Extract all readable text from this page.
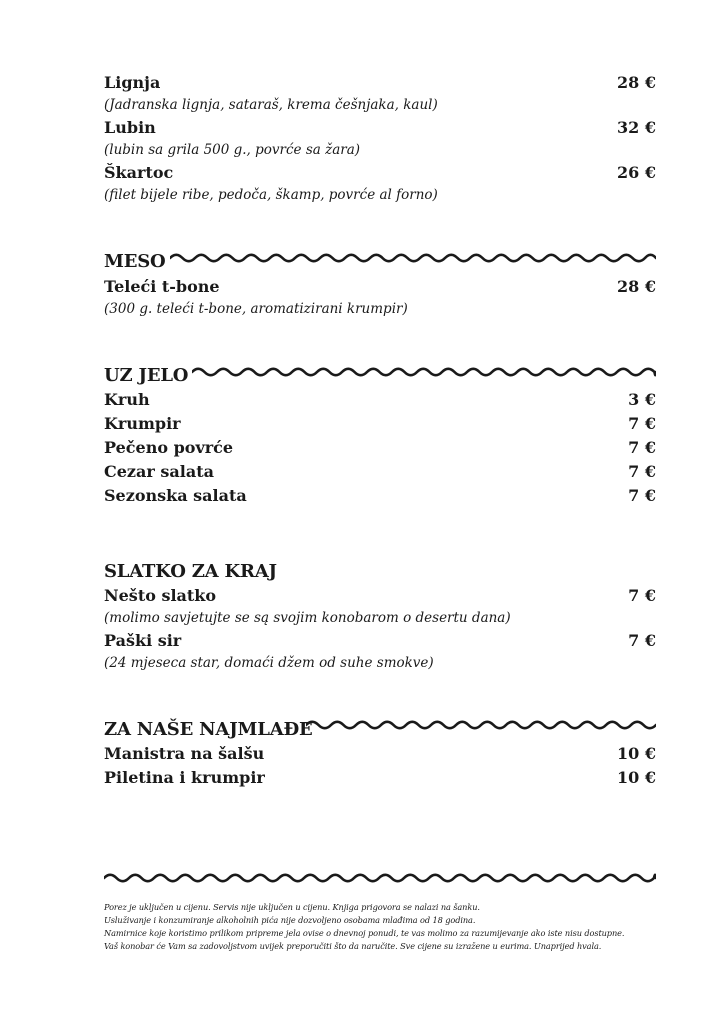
Lignja	28 €
(Jadranska lignja, sataraš, krema češnjaka, kaul)
Lubin	32 €
(lubin sa grila 500 g., povrće sa žara)
Škartoc	26 €
(filet bijele ribe, pedoča, škamp, povrće al forno)
MESO
Teleći t-bone	28 €
(300 g. teleći t-bone, aromatizirani krumpir)
UZ JELO
Kruh	3 €
Krumpir	7 €
Pečeno povrće	7 €
Cezar salata	7 €
Sezonska salata	7 €
SLATKO ZA KRAJ
Nešto slatko	7 €
(molimo savjetujte se są svojim konobarom o desertu dana)
Paški sir	7 €
(24 mjeseca star, domaći džem od suhe smokve)
ZA NAŠE NAJMLAĐE
Manistra na šalšu	10 €
Piletina i krumpir	10 €
Porez je uključen u cijenu. Servis nije uključen u cijenu. Knjiga prigovora se nalazi na šanku.
Usluživanje i konzumiranje alkoholnih pića nije dozvoljeno osobama mlađima od 18 godina.
Namirnice koje koristimo prilikom pripreme jela ovise o dnevnoj ponudi, te vas molimo za razumijevanje ako iste nisu dostupne.
Vaš konobar će Vam sa zadovoljstvom uvijek preporučiti što da naručite. Sve cijene su izražene u eurima. Unaprijed hvala.
